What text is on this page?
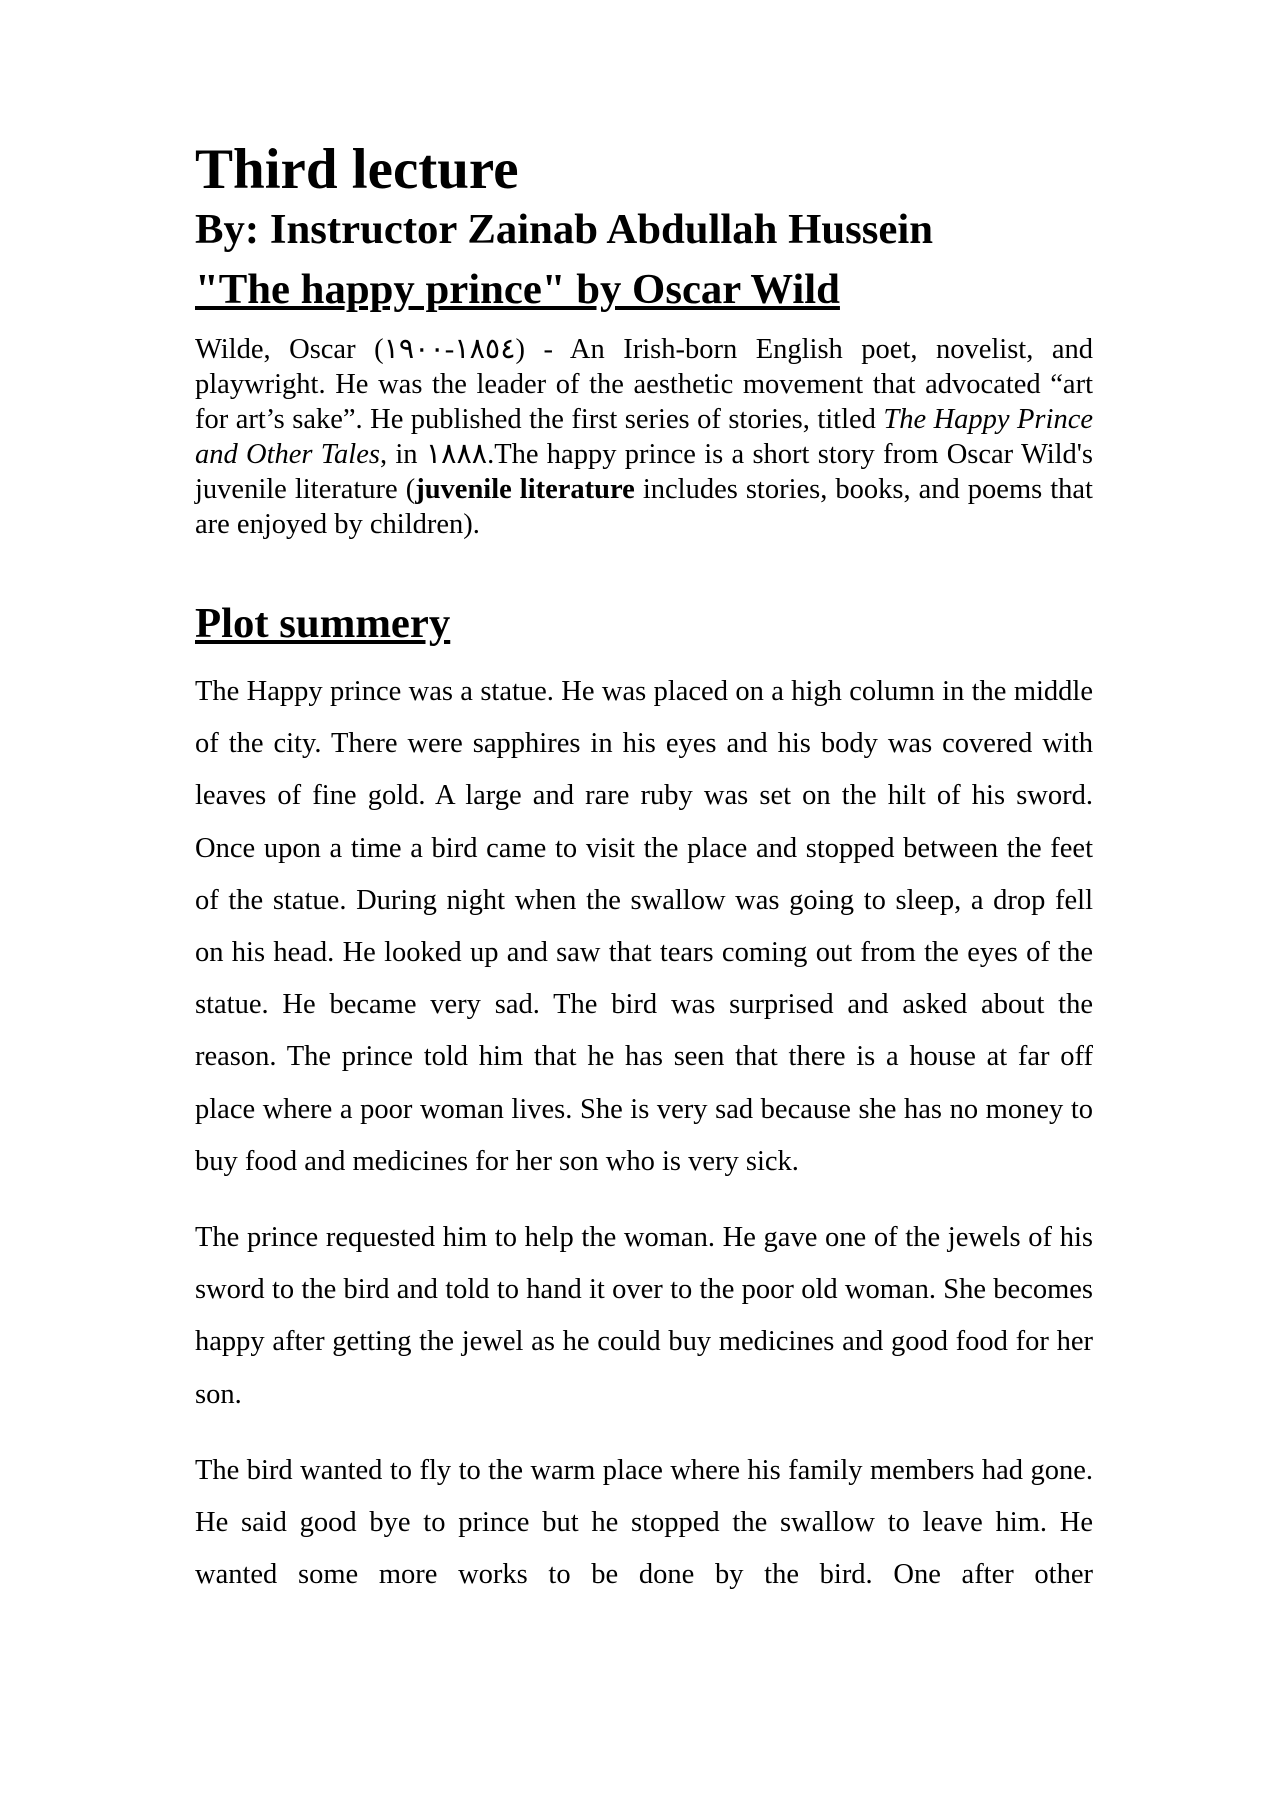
Third lecture
By: Instructor Zainab Abdullah Hussein
"The happy prince" by Oscar Wild

Wilde, Oscar (١٨٥٤-١٩٠٠) - An Irish-born English poet, novelist, and playwright. He was the leader of the aesthetic movement that advocated “art for art’s sake”. He published the first series of stories, titled The Happy Prince and Other Tales, in ١٨٨٨.The happy prince is a short story from Oscar Wild's juvenile literature (juvenile literature includes stories, books, and poems that are enjoyed by children).

Plot summery

The Happy prince was a statue. He was placed on a high column in the middle of the city. There were sapphires in his eyes and his body was covered with leaves of fine gold. A large and rare ruby was set on the hilt of his sword. Once upon a time a bird came to visit the place and stopped between the feet of the statue. During night when the swallow was going to sleep, a drop fell on his head. He looked up and saw that tears coming out from the eyes of the statue. He became very sad. The bird was surprised and asked about the reason. The prince told him that he has seen that there is a house at far off place where a poor woman lives. She is very sad because she has no money to buy food and medicines for her son who is very sick.

The prince requested him to help the woman. He gave one of the jewels of his sword to the bird and told to hand it over to the poor old woman. She becomes happy after getting the jewel as he could buy medicines and good food for her son.

The bird wanted to fly to the warm place where his family members had gone. He said good bye to prince but he stopped the swallow to leave him. He wanted some more works to be done by the bird. One after other
